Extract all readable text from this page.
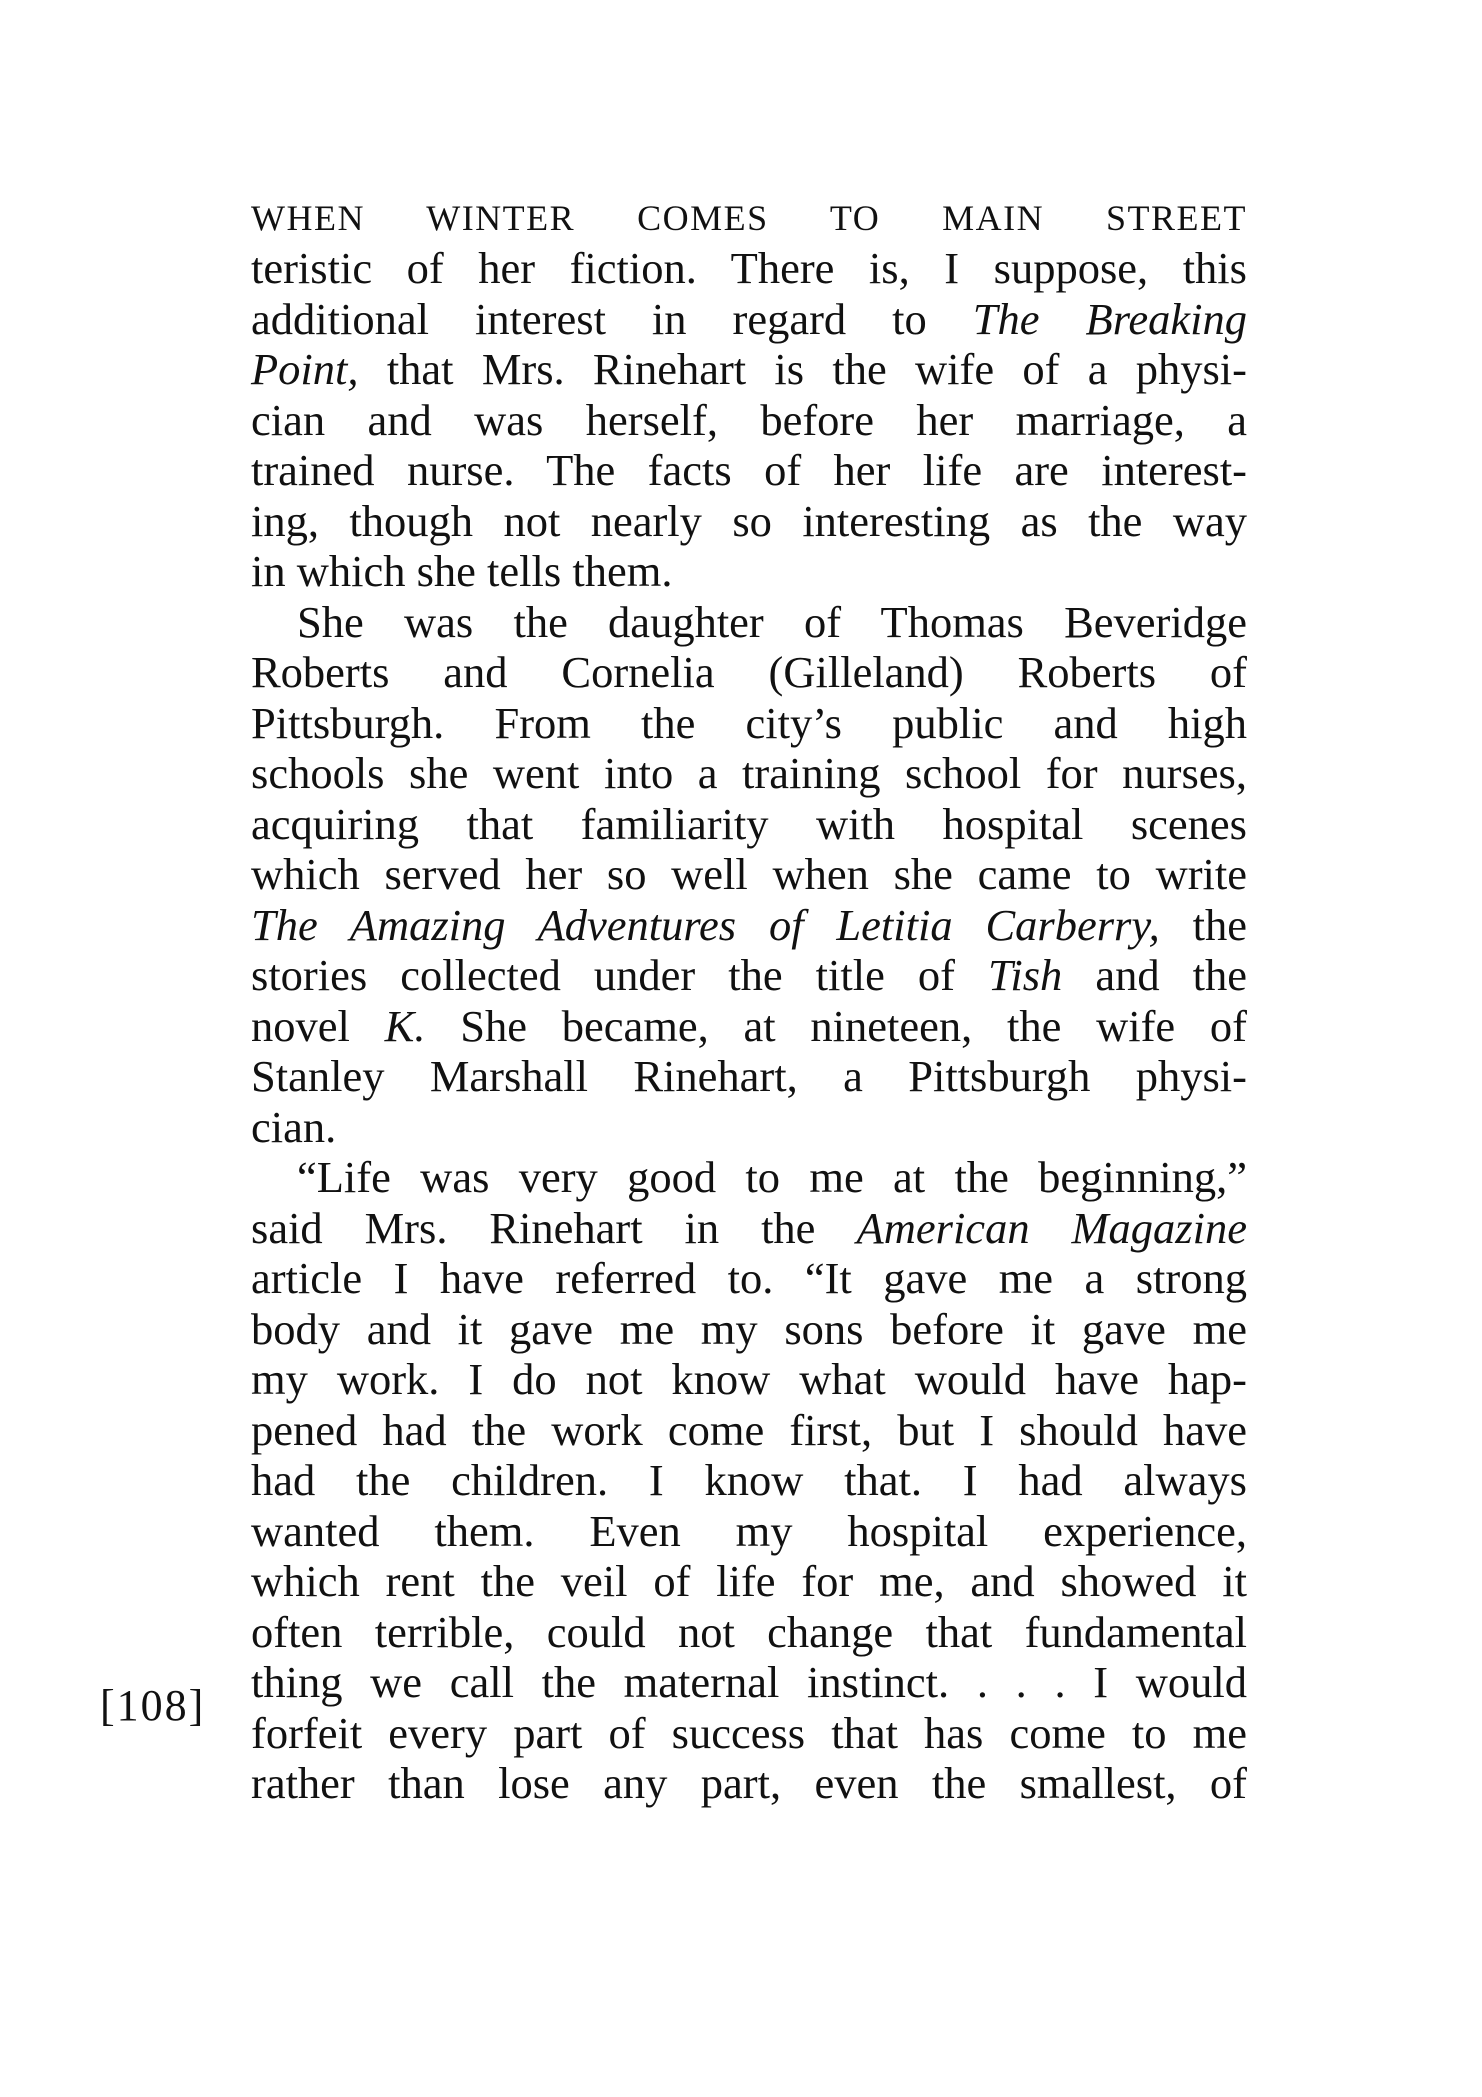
WHEN WINTER COMES TO MAIN STREET
teristic of her fiction. There is, I suppose, this
additional interest in regard to The Breaking
Point, that Mrs. Rinehart is the wife of a physi-
cian and was herself, before her marriage, a
trained nurse. The facts of her life are interest-
ing, though not nearly so interesting as the way
in which she tells them.
She was the daughter of Thomas Beveridge
Roberts and Cornelia (Gilleland) Roberts of
Pittsburgh. From the city’s public and high
schools she went into a training school for nurses,
acquiring that familiarity with hospital scenes
which served her so well when she came to write
The Amazing Adventures of Letitia Carberry, the
stories collected under the title of Tish and the
novel K. She became, at nineteen, the wife of
Stanley Marshall Rinehart, a Pittsburgh physi-
cian.
“Life was very good to me at the beginning,”
said Mrs. Rinehart in the American Magazine
article I have referred to. “It gave me a strong
body and it gave me my sons before it gave me
my work. I do not know what would have hap-
pened had the work come first, but I should have
had the children. I know that. I had always
wanted them. Even my hospital experience,
which rent the veil of life for me, and showed it
often terrible, could not change that fundamental
thing we call the maternal instinct. . . . I would
forfeit every part of success that has come to me
rather than lose any part, even the smallest, of
[108]
